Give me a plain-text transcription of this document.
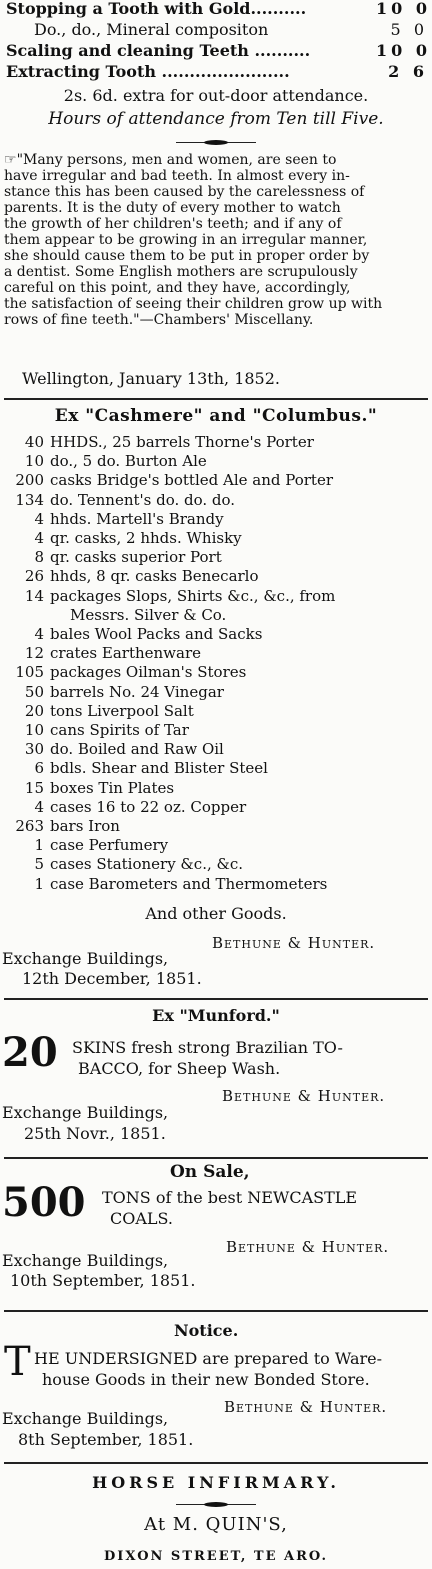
Stopping a Tooth with Gold..........	10 0
Do., do., Mineral compositon	5 0
Scaling and cleaning Teeth ..........	10 0
Extracting Tooth .......................	2 6
2s. 6d. extra for out-door attendance.
Hours of attendance from Ten till Five.
☞"Many persons, men and women, are seen to
have irregular and bad teeth. In almost every in-
stance this has been caused by the carelessness of
parents. It is the duty of every mother to watch
the growth of her children's teeth; and if any of
them appear to be growing in an irregular manner,
she should cause them to be put in proper order by
a dentist. Some English mothers are scrupulously
careful on this point, and they have, accordingly,
the satisfaction of seeing their children grow up with
rows of fine teeth."—Chambers' Miscellany.
Wellington, January 13th, 1852.
Ex "Cashmere" and "Columbus."
40 HHDS., 25 barrels Thorne's Porter
10 do., 5 do. Burton Ale
200 casks Bridge's bottled Ale and Porter
134 do. Tennent's do. do. do.
4 hhds. Martell's Brandy
4 qr. casks, 2 hhds. Whisky
8 qr. casks superior Port
26 hhds, 8 qr. casks Benecarlo
14 packages Slops, Shirts &c., &c., from
Messrs. Silver & Co.
4 bales Wool Packs and Sacks
12 crates Earthenware
105 packages Oilman's Stores
50 barrels No. 24 Vinegar
20 tons Liverpool Salt
10 cans Spirits of Tar
30 do. Boiled and Raw Oil
6 bdls. Shear and Blister Steel
15 boxes Tin Plates
4 cases 16 to 22 oz. Copper
263 bars Iron
1 case Perfumery
5 cases Stationery &c., &c.
1 case Barometers and Thermometers
And other Goods.
Bethune & Hunter.
Exchange Buildings,
12th December, 1851.
Ex "Munford."
20 SKINS fresh strong Brazilian TO-
BACCO, for Sheep Wash.
Bethune & Hunter.
Exchange Buildings,
25th Novr., 1851.
On Sale,
500 TONS of the best NEWCASTLE
COALS.
Bethune & Hunter.
Exchange Buildings,
10th September, 1851.
Notice.
T HE UNDERSIGNED are prepared to Ware-
house Goods in their new Bonded Store.
Bethune & Hunter.
Exchange Buildings,
8th September, 1851.
HORSE INFIRMARY.
At M. QUIN'S,
DIXON STREET, TE ARO.
